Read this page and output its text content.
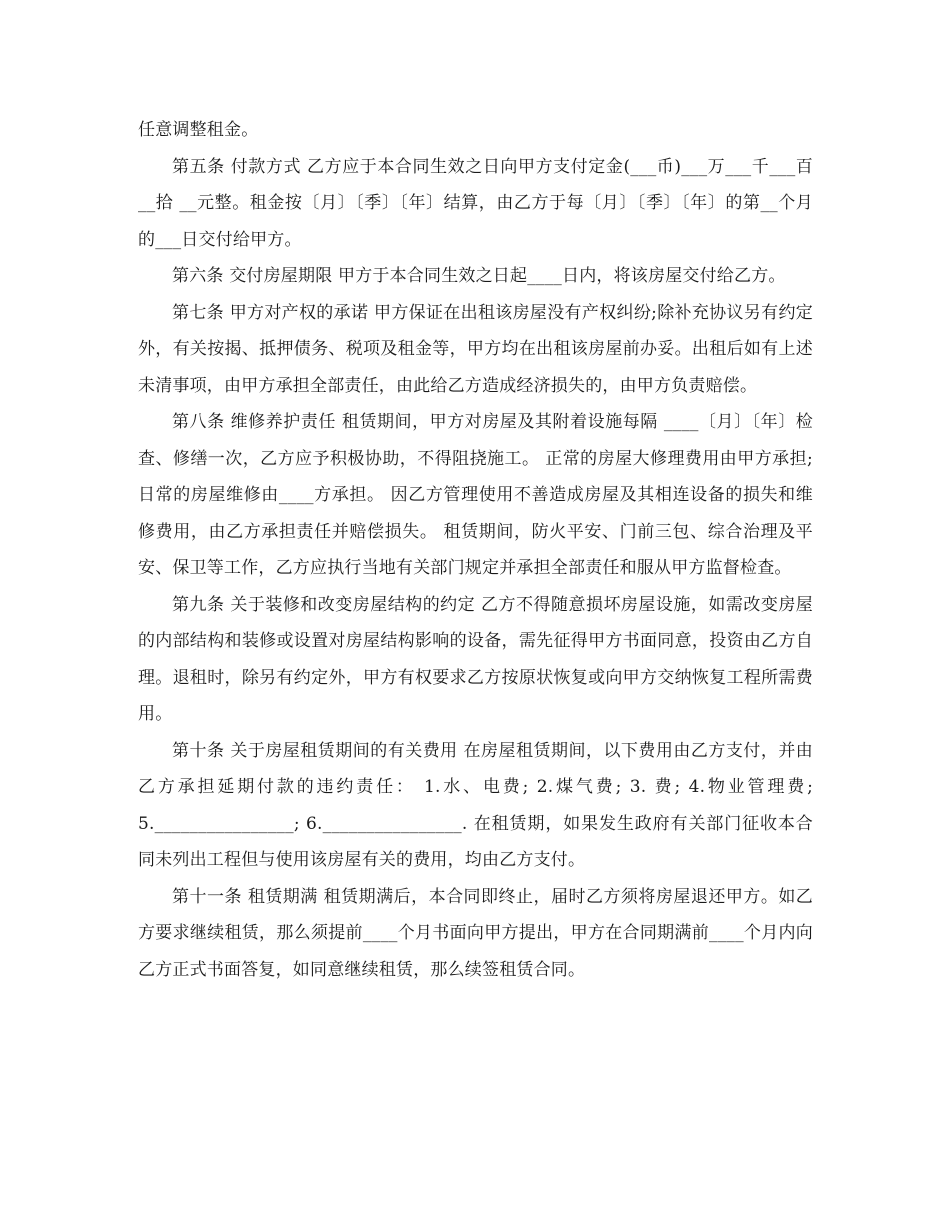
任意调整租金。

第五条 付款方式 乙方应于本合同生效之日向甲方支付定金(___币)___万___千___百__拾 __元整。租金按〔月〕〔季〕〔年〕结算，由乙方于每〔月〕〔季〕〔年〕的第__个月的___日交付给甲方。

第六条 交付房屋期限 甲方于本合同生效之日起____日内，将该房屋交付给乙方。

第七条 甲方对产权的承诺 甲方保证在出租该房屋没有产权纠纷;除补充协议另有约定外，有关按揭、抵押债务、税项及租金等，甲方均在出租该房屋前办妥。出租后如有上述未清事项，由甲方承担全部责任，由此给乙方造成经济损失的，由甲方负责赔偿。

第八条 维修养护责任 租赁期间，甲方对房屋及其附着设施每隔 ____〔月〕〔年〕检查、修缮一次，乙方应予积极协助，不得阻挠施工。 正常的房屋大修理费用由甲方承担;日常的房屋维修由____方承担。 因乙方管理使用不善造成房屋及其相连设备的损失和维修费用，由乙方承担责任并赔偿损失。 租赁期间，防火平安、门前三包、综合治理及平安、保卫等工作，乙方应执行当地有关部门规定并承担全部责任和服从甲方监督检查。

第九条 关于装修和改变房屋结构的约定 乙方不得随意损坏房屋设施，如需改变房屋的内部结构和装修或设置对房屋结构影响的设备，需先征得甲方书面同意，投资由乙方自理。退租时，除另有约定外，甲方有权要求乙方按原状恢复或向甲方交纳恢复工程所需费用。

第十条 关于房屋租赁期间的有关费用 在房屋租赁期间，以下费用由乙方支付，并由乙方承担延期付款的违约责任： 1.水、电费; 2.煤气费; 3. 费; 4.物业管理费; 5.________________; 6.________________. 在租赁期，如果发生政府有关部门征收本合同未列出工程但与使用该房屋有关的费用，均由乙方支付。

第十一条 租赁期满 租赁期满后，本合同即终止，届时乙方须将房屋退还甲方。如乙方要求继续租赁，那么须提前____个月书面向甲方提出，甲方在合同期满前____个月内向乙方正式书面答复，如同意继续租赁，那么续签租赁合同。
